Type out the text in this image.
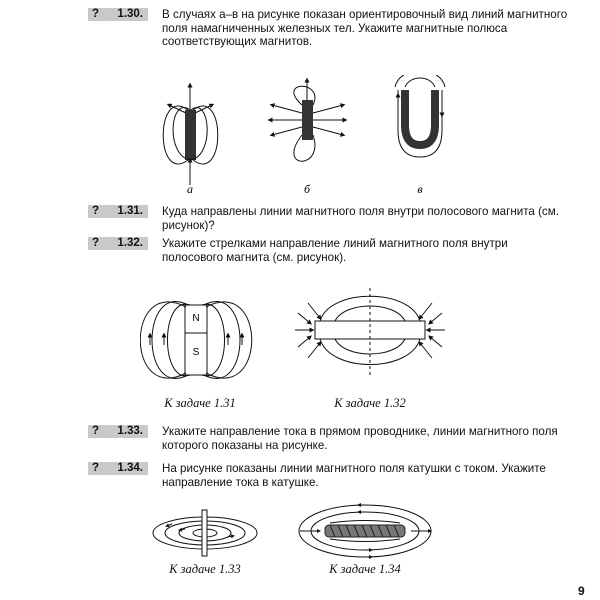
? 1.30. В случаях а–в на рисунке показан ориентировочный вид линий магнитного поля намагниченных железных тел. Укажите магнитные полюса соответствующих магнитов.

а	б	в
? 1.31. Куда направлены линии магнитного поля внутри полосового магнита (см. рисунок)?

? 1.32. Укажите стрелками направление линий магнитного поля внутри полосового магнита (см. рисунок).

N
S
К задаче 1.31	К задаче 1.32
? 1.33. Укажите направление тока в прямом проводнике, линии магнитного поля которого показаны на рисунке.

? 1.34. На рисунке показаны линии магнитного поля катушки с током. Укажите направление тока в катушке.

К задаче 1.33	К задаче 1.34
9
